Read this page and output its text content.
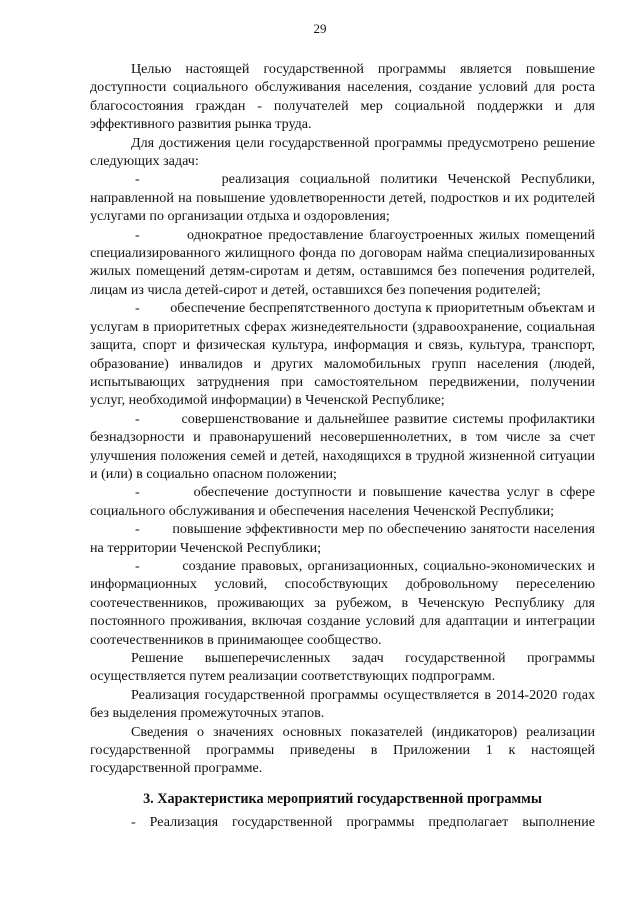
29

Целью настоящей государственной программы является повышение доступности социального обслуживания населения, создание условий для роста благосостояния граждан - получателей мер социальной поддержки и для эффективного развития рынка труда.

Для достижения цели государственной программы предусмотрено решение следующих задач:

-        реализация социальной политики Чеченской Республики, направленной на повышение удовлетворенности детей, подростков и их родителей услугами по организации отдыха и оздоровления;

-        однократное предоставление благоустроенных жилых помещений специализированного жилищного фонда по договорам найма специализированных жилых помещений детям-сиротам и детям, оставшимся без попечения родителей, лицам из числа детей-сирот и детей, оставшихся без попечения родителей;

-        обеспечение беспрепятственного доступа к приоритетным объектам и услугам в приоритетных сферах жизнедеятельности (здравоохранение, социальная защита, спорт и физическая культура, информация и связь, культура, транспорт, образование) инвалидов и других маломобильных групп населения (людей, испытывающих затруднения при самостоятельном передвижении, получении услуг, необходимой информации) в Чеченской Республике;

-        совершенствование и дальнейшее развитие системы профилактики безнадзорности и правонарушений несовершеннолетних, в том числе за счет улучшения положения семей и детей, находящихся в трудной жизненной ситуации и (или) в социально опасном положении;

-        обеспечение доступности и повышение качества услуг в сфере социального обслуживания и обеспечения населения Чеченской Республики;

-        повышение эффективности мер по обеспечению занятости населения на территории Чеченской Республики;

-        создание правовых, организационных, социально-экономических и информационных условий, способствующих добровольному переселению соотечественников, проживающих за рубежом, в Чеченскую Республику для постоянного проживания, включая создание условий для адаптации и интеграции соотечественников в принимающее сообщество.

Решение вышеперечисленных задач государственной программы осуществляется путем реализации соответствующих подпрограмм.

Реализация государственной программы осуществляется в 2014-2020 годах без выделения промежуточных этапов.

Сведения о значениях основных показателей (индикаторов) реализации государственной программы приведены в Приложении 1 к настоящей государственной программе.

3. Характеристика мероприятий государственной программы
- Реализация государственной программы предполагает выполнение
